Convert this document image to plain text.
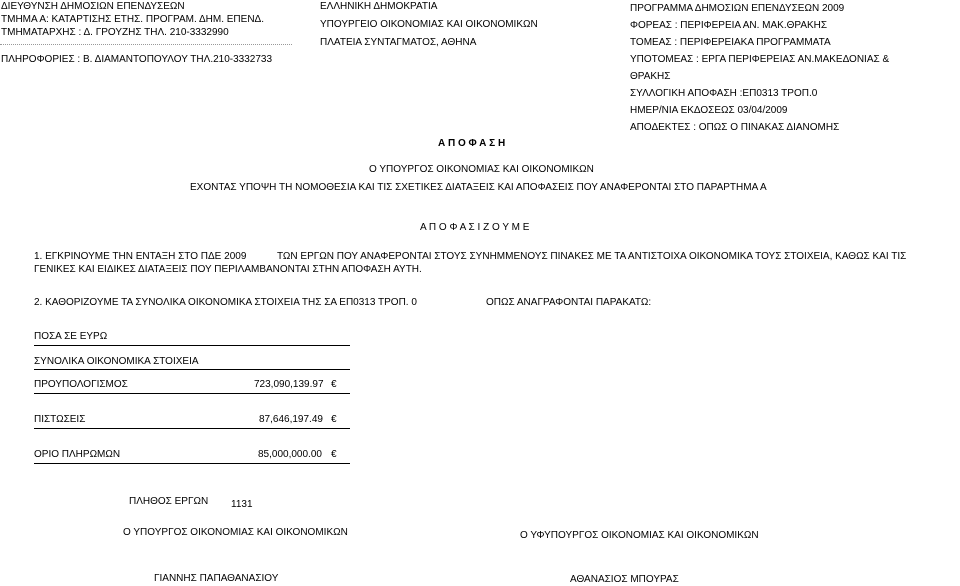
ΔΙΕΥΘΥΝΣΗ ΔΗΜΟΣΙΩΝ ΕΠΕΝΔΥΣΕΩΝ
ΤΜΗΜΑ Α: ΚΑΤΑΡΤΙΣΗΣ ΕΤΗΣ. ΠΡΟΓΡΑΜ. ΔΗΜ. ΕΠΕΝΔ.
ΤΜΗΜΑΤΑΡΧΗΣ : Δ. ΓΡΟΥΖΗΣ ΤΗΛ. 210-3332990
ΠΛΗΡΟΦΟΡΙΕΣ : Β. ΔΙΑΜΑΝΤΟΠΟΥΛΟΥ ΤΗΛ.210-3332733
ΕΛΛΗΝΙΚΗ ΔΗΜΟΚΡΑΤΙΑ
ΥΠΟΥΡΓΕΙΟ ΟΙΚΟΝΟΜΙΑΣ ΚΑΙ ΟΙΚΟΝΟΜΙΚΩΝ
ΠΛΑΤΕΙΑ ΣΥΝΤΑΓΜΑΤΟΣ, ΑΘΗΝΑ
Α Π Ο Φ Α Σ Η
ΠΡΟΓΡΑΜΜΑ ΔΗΜΟΣΙΩΝ ΕΠΕΝΔΥΣΕΩΝ 2009
ΦΟΡΕΑΣ : ΠΕΡΙΦΕΡΕΙΑ ΑΝ. ΜΑΚ.ΘΡΑΚΗΣ
ΤΟΜΕΑΣ : ΠΕΡΙΦΕΡΕΙΑΚΑ ΠΡΟΓΡΑΜΜΑΤΑ
ΥΠΟΤΟΜΕΑΣ : ΕΡΓΑ ΠΕΡΙΦΕΡΕΙΑΣ ΑΝ.ΜΑΚΕΔΟΝΙΑΣ &
ΘΡΑΚΗΣ
ΣΥΛΛΟΓΙΚΗ ΑΠΟΦΑΣΗ :ΕΠ0313 ΤΡΟΠ.0
ΗΜΕΡ/ΝΙΑ ΕΚΔΟΣΕΩΣ 03/04/2009
ΑΠΟΔΕΚΤΕΣ : ΟΠΩΣ Ο ΠΙΝΑΚΑΣ ΔΙΑΝΟΜΗΣ
Ο ΥΠΟΥΡΓΟΣ ΟΙΚΟΝΟΜΙΑΣ ΚΑΙ ΟΙΚΟΝΟΜΙΚΩΝ
ΕΧΟΝΤΑΣ ΥΠΟΨΗ ΤΗ ΝΟΜΟΘΕΣΙΑ ΚΑΙ ΤΙΣ ΣΧΕΤΙΚΕΣ ΔΙΑΤΑΞΕΙΣ ΚΑΙ ΑΠΟΦΑΣΕΙΣ ΠΟΥ ΑΝΑΦΕΡΟΝΤΑΙ ΣΤΟ ΠΑΡΑΡΤΗΜΑ Α
Α Π Ο Φ Α Σ Ι Ζ Ο Υ Μ Ε
1. ΕΓΚΡΙΝΟΥΜΕ ΤΗΝ ΕΝΤΑΞΗ ΣΤΟ ΠΔΕ 2009	ΤΩΝ ΕΡΓΩΝ ΠΟΥ ΑΝΑΦΕΡΟΝΤΑΙ ΣΤΟΥΣ ΣΥΝΗΜΜΕΝΟΥΣ ΠΙΝΑΚΕΣ ΜΕ ΤΑ ΑΝΤΙΣΤΟΙΧΑ ΟΙΚΟΝΟΜΙΚΑ ΤΟΥΣ ΣΤΟΙΧΕΙΑ, ΚΑΘΩΣ ΚΑΙ ΤΙΣ
ΓΕΝΙΚΕΣ ΚΑΙ ΕΙΔΙΚΕΣ ΔΙΑΤΑΞΕΙΣ ΠΟΥ ΠΕΡΙΛΑΜΒΑΝΟΝΤΑΙ ΣΤΗΝ ΑΠΟΦΑΣΗ ΑΥΤΗ.
2. ΚΑΘΟΡΙΖΟΥΜΕ ΤΑ ΣΥΝΟΛΙΚΑ ΟΙΚΟΝΟΜΙΚΑ ΣΤΟΙΧΕΙΑ ΤΗΣ ΣΑ ΕΠ0313 ΤΡΟΠ. 0	ΟΠΩΣ ΑΝΑΓΡΑΦΟΝΤΑΙ ΠΑΡΑΚΑΤΩ:
ΠΟΣΑ ΣΕ ΕΥΡΩ
ΣΥΝΟΛΙΚΑ ΟΙΚΟΝΟΜΙΚΑ ΣΤΟΙΧΕΙΑ
ΠΡΟΥΠΟΛΟΓΙΣΜΟΣ	723,090,139.97 €
ΠΙΣΤΩΣΕΙΣ	87,646,197.49 €
ΟΡΙΟ ΠΛΗΡΩΜΩΝ	85,000,000.00 €
ΠΛΗΘΟΣ ΕΡΓΩΝ 1131
Ο ΥΠΟΥΡΓΟΣ ΟΙΚΟΝΟΜΙΑΣ ΚΑΙ ΟΙΚΟΝΟΜΙΚΩΝ
ΓΙΑΝΝΗΣ ΠΑΠΑΘΑΝΑΣΙΟΥ
Ο ΥΦΥΠΟΥΡΓΟΣ ΟΙΚΟΝΟΜΙΑΣ ΚΑΙ ΟΙΚΟΝΟΜΙΚΩΝ
ΑΘΑΝΑΣΙΟΣ ΜΠΟΥΡΑΣ
